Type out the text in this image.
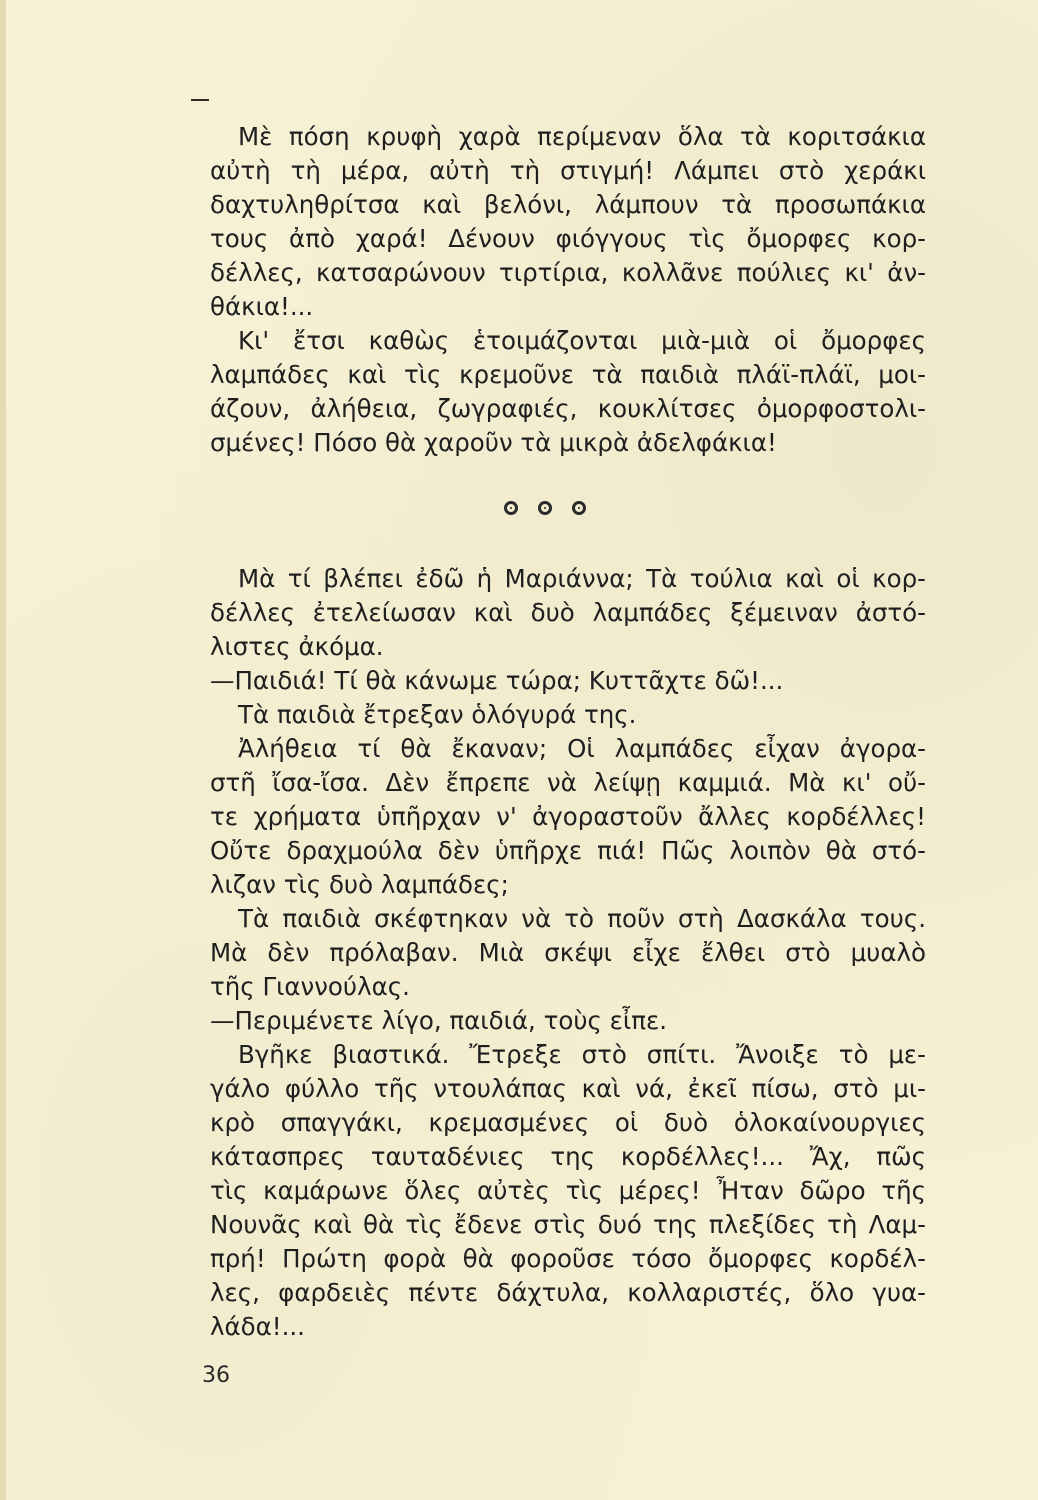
Μὲ πόση κρυφὴ χαρὰ περίμεναν ὅλα τὰ κοριτσάκια
αὐτὴ τὴ μέρα, αὐτὴ τὴ στιγμή! Λάμπει στὸ χεράκι
δαχτυληθρίτσα καὶ βελόνι, λάμπουν τὰ προσωπάκια
τους ἀπὸ χαρά! Δένουν φιόγγους τὶς ὄμορφες κορ-
δέλλες, κατσαρώνουν τιρτίρια, κολλᾶνε πούλιες κι' ἀν-
θάκια!...
Κι' ἔτσι καθὼς ἑτοιμάζονται μιὰ-μιὰ οἱ ὄμορφες
λαμπάδες καὶ τὶς κρεμοῦνε τὰ παιδιὰ πλάϊ-πλάϊ, μοι-
άζουν, ἀλήθεια, ζωγραφιές, κουκλίτσες ὀμορφοστολι-
σμένες! Πόσο θὰ χαροῦν τὰ μικρὰ ἀδελφάκια!
Μὰ τί βλέπει ἐδῶ ἡ Μαριάννα; Τὰ τούλια καὶ οἱ κορ-
δέλλες ἐτελείωσαν καὶ δυὸ λαμπάδες ξέμειναν ἀστό-
λιστες ἀκόμα.
—Παιδιά! Τί θὰ κάνωμε τώρα; Κυττᾶχτε δῶ!...
Τὰ παιδιὰ ἔτρεξαν ὁλόγυρά της.
Ἀλήθεια τί θὰ ἔκαναν; Οἱ λαμπάδες εἶχαν ἀγορα-
στῆ ἴσα-ἴσα. Δὲν ἔπρεπε νὰ λείψῃ καμμιά. Μὰ κι' οὔ-
τε χρήματα ὑπῆρχαν ν' ἀγοραστοῦν ἄλλες κορδέλλες!
Οὔτε δραχμούλα δὲν ὑπῆρχε πιά! Πῶς λοιπὸν θὰ στό-
λιζαν τὶς δυὸ λαμπάδες;
Τὰ παιδιὰ σκέφτηκαν νὰ τὸ ποῦν στὴ Δασκάλα τους.
Μὰ δὲν πρόλαβαν. Μιὰ σκέψι εἶχε ἔλθει στὸ μυαλὸ
τῆς Γιαννούλας.
—Περιμένετε λίγο, παιδιά, τοὺς εἶπε.
Βγῆκε βιαστικά. Ἔτρεξε στὸ σπίτι. Ἄνοιξε τὸ με-
γάλο φύλλο τῆς ντουλάπας καὶ νά, ἐκεῖ πίσω, στὸ μι-
κρὸ σπαγγάκι, κρεμασμένες οἱ δυὸ ὁλοκαίνουργιες
κάτασπρες ταυταδένιες της κορδέλλες!... Ἄχ, πῶς
τὶς καμάρωνε ὅλες αὐτὲς τὶς μέρες! Ἦταν δῶρο τῆς
Νουνᾶς καὶ θὰ τὶς ἔδενε στὶς δυό της πλεξίδες τὴ Λαμ-
πρή! Πρώτη φορὰ θὰ φοροῦσε τόσο ὄμορφες κορδέλ-
λες, φαρδειὲς πέντε δάχτυλα, κολλαριστές, ὅλο γυα-
λάδα!...
36
